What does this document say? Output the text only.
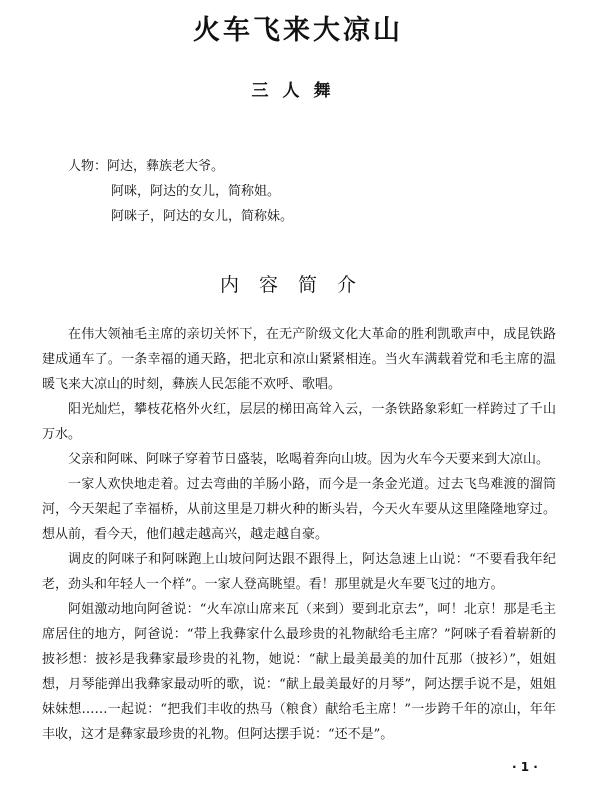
火车飞来大凉山
三人舞
人物：阿达，彝族老大爷。
阿咪，阿达的女儿，简称姐。
阿咪子，阿达的女儿，简称妹。
内容简介

在伟大领袖毛主席的亲切关怀下，在无产阶级文化大革命的胜利凯歌声中，成昆铁路建成通车了。一条幸福的通天路，把北京和凉山紧紧相连。当火车满载着党和毛主席的温暖飞来大凉山的时刻，彝族人民怎能不欢呼、歌唱。

阳光灿烂，攀枝花格外火红，层层的梯田高耸入云，一条铁路象彩虹一样跨过了千山万水。

父亲和阿咪、阿咪子穿着节日盛装，吆喝着奔向山坡。因为火车今天要来到大凉山。

一家人欢快地走着。过去弯曲的羊肠小路，而今是一条金光道。过去飞鸟难渡的溜筒河，今天架起了幸福桥，从前这里是刀耕火种的断头岩，今天火车要从这里隆隆地穿过。想从前，看今天，他们越走越高兴，越走越自豪。

调皮的阿咪子和阿咪跑上山坡问阿达跟不跟得上，阿达急速上山说：“不要看我年纪老，劲头和年轻人一个样”。一家人登高眺望。看！那里就是火车要飞过的地方。

阿姐激动地向阿爸说：“火车凉山席来瓦（来到）要到北京去”，呵！北京！那是毛主席居住的地方，阿爸说：“带上我彝家什么最珍贵的礼物献给毛主席？”阿咪子看着崭新的披衫想：披衫是我彝家最珍贵的礼物，她说：“献上最美最美的加什瓦那（披衫）”，姐姐想，月琴能弹出我彝家最动听的歌，说：“献上最美最好的月琴”，阿达摆手说不是，姐姐妹妹想……一起说：“把我们丰收的热马（粮食）献给毛主席！”一步跨千年的凉山，年年丰收，这才是彝家最珍贵的礼物。但阿达摆手说：“还不是”。

· 1 ·
